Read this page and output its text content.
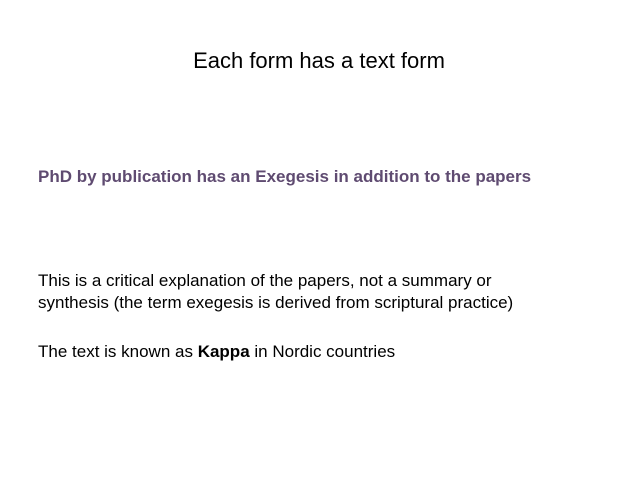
Each form has a text form
PhD by publication has an Exegesis in addition to the papers
This is a critical explanation of the papers, not a summary or
synthesis (the term exegesis is derived from scriptural practice)
The text is known as Kappa in Nordic countries
